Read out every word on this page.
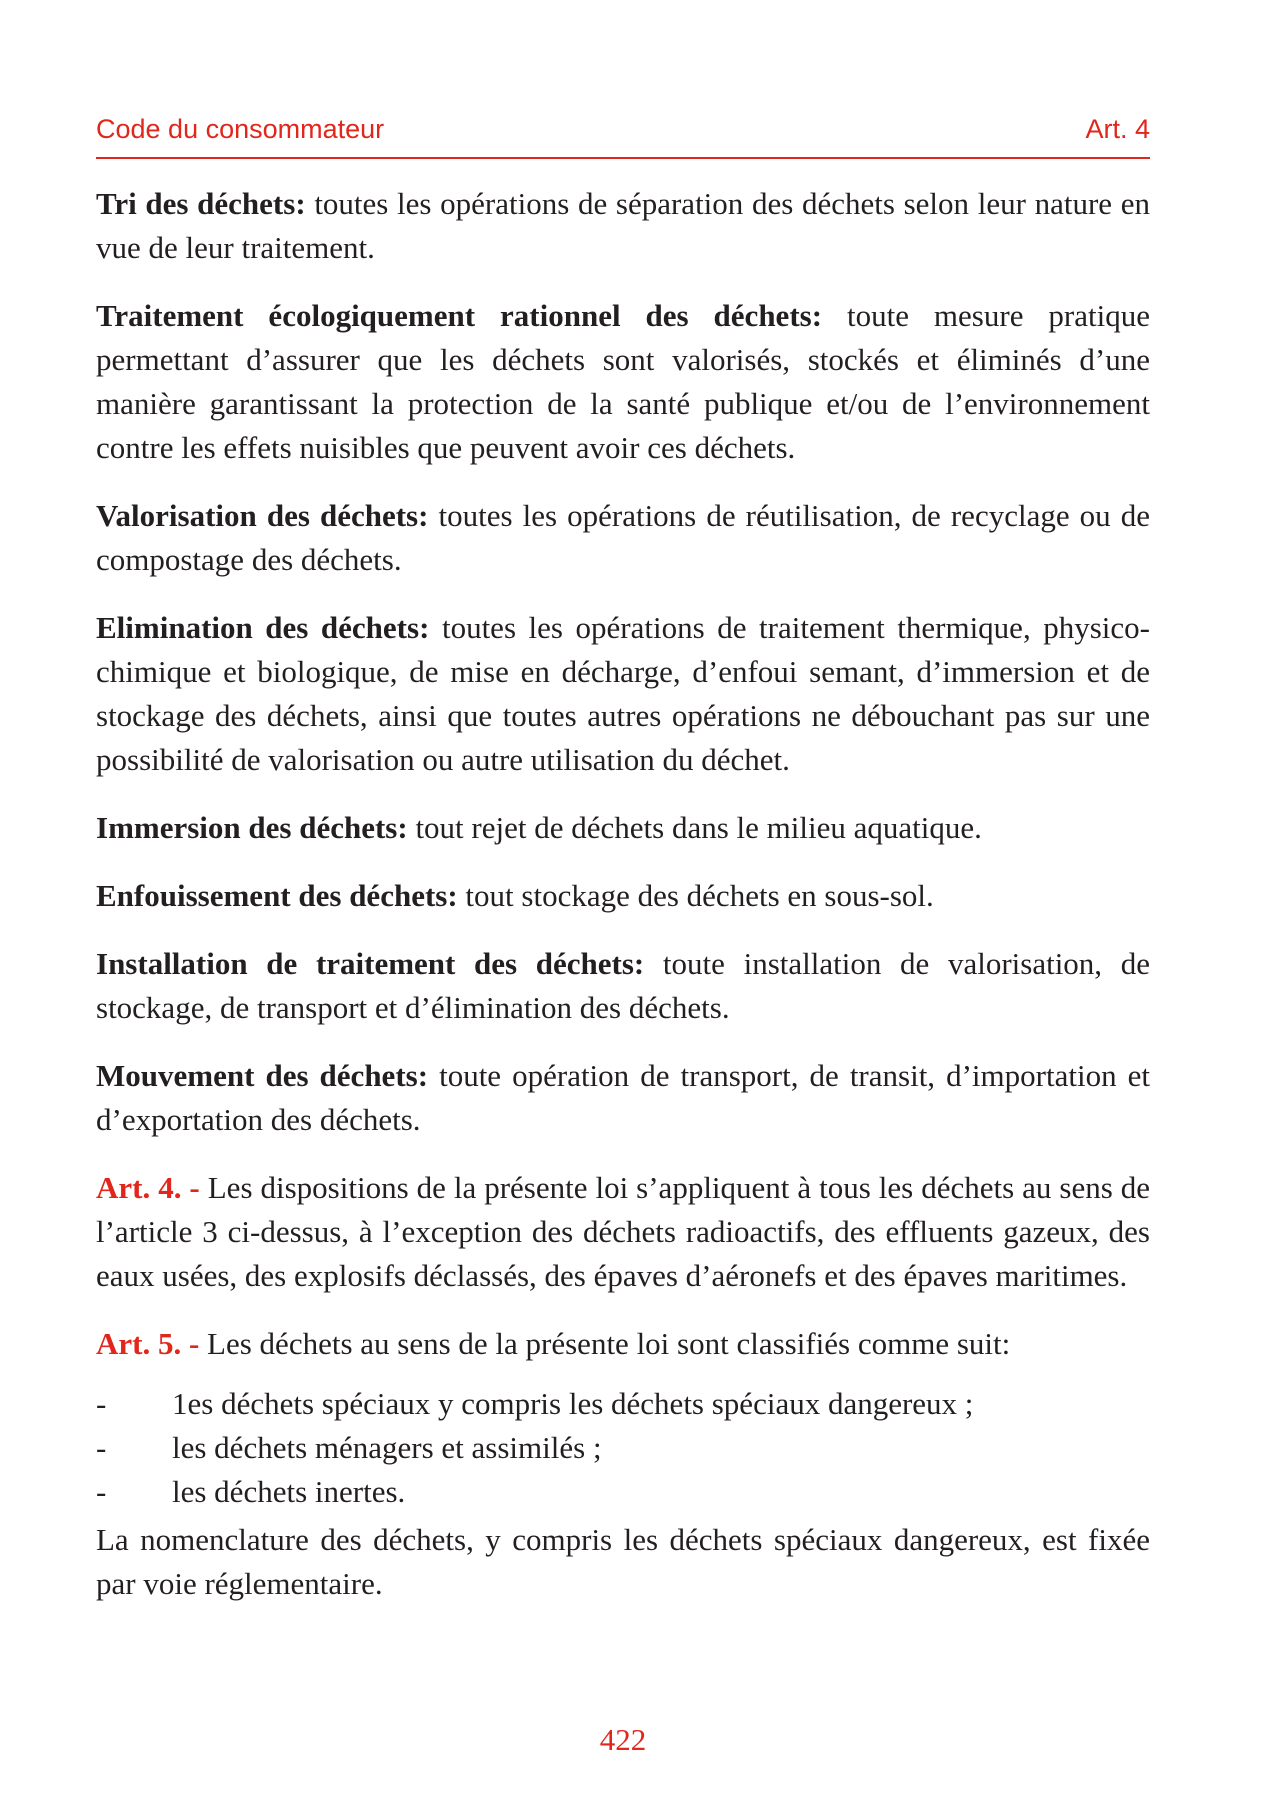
Code du consommateur	Art. 4

Tri des déchets: toutes les opérations de séparation des déchets selon leur nature en vue de leur traitement.

Traitement écologiquement rationnel des déchets: toute mesure pratique permettant d’assurer que les déchets sont valorisés, stockés et éliminés d’une manière garantissant la protection de la santé publique et/ou de l’environnement contre les effets nuisibles que peuvent avoir ces déchets.

Valorisation des déchets: toutes les opérations de réutilisation, de recyclage ou de compostage des déchets.

Elimination des déchets: toutes les opérations de traitement thermique, physico-chimique et biologique, de mise en décharge, d’enfoui semant, d’immersion et de stockage des déchets, ainsi que toutes autres opérations ne débouchant pas sur une possibilité de valorisation ou autre utilisation du déchet.

Immersion des déchets: tout rejet de déchets dans le milieu aquatique.

Enfouissement des déchets: tout stockage des déchets en sous-sol.

Installation de traitement des déchets: toute installation de valorisation, de stockage, de transport et d’élimination des déchets.

Mouvement des déchets: toute opération de transport, de transit, d’importation et d’exportation des déchets.

Art. 4. - Les dispositions de la présente loi s’appliquent à tous les déchets au sens de l’article 3 ci-dessus, à l’exception des déchets radioactifs, des effluents gazeux, des eaux usées, des explosifs déclassés, des épaves d’aéronefs et des épaves maritimes.

Art. 5. - Les déchets au sens de la présente loi sont classifiés comme suit:

- 1es déchets spéciaux y compris les déchets spéciaux dangereux ;
- les déchets ménagers et assimilés ;
- les déchets inertes.

La nomenclature des déchets, y compris les déchets spéciaux dangereux, est fixée par voie réglementaire.

422
